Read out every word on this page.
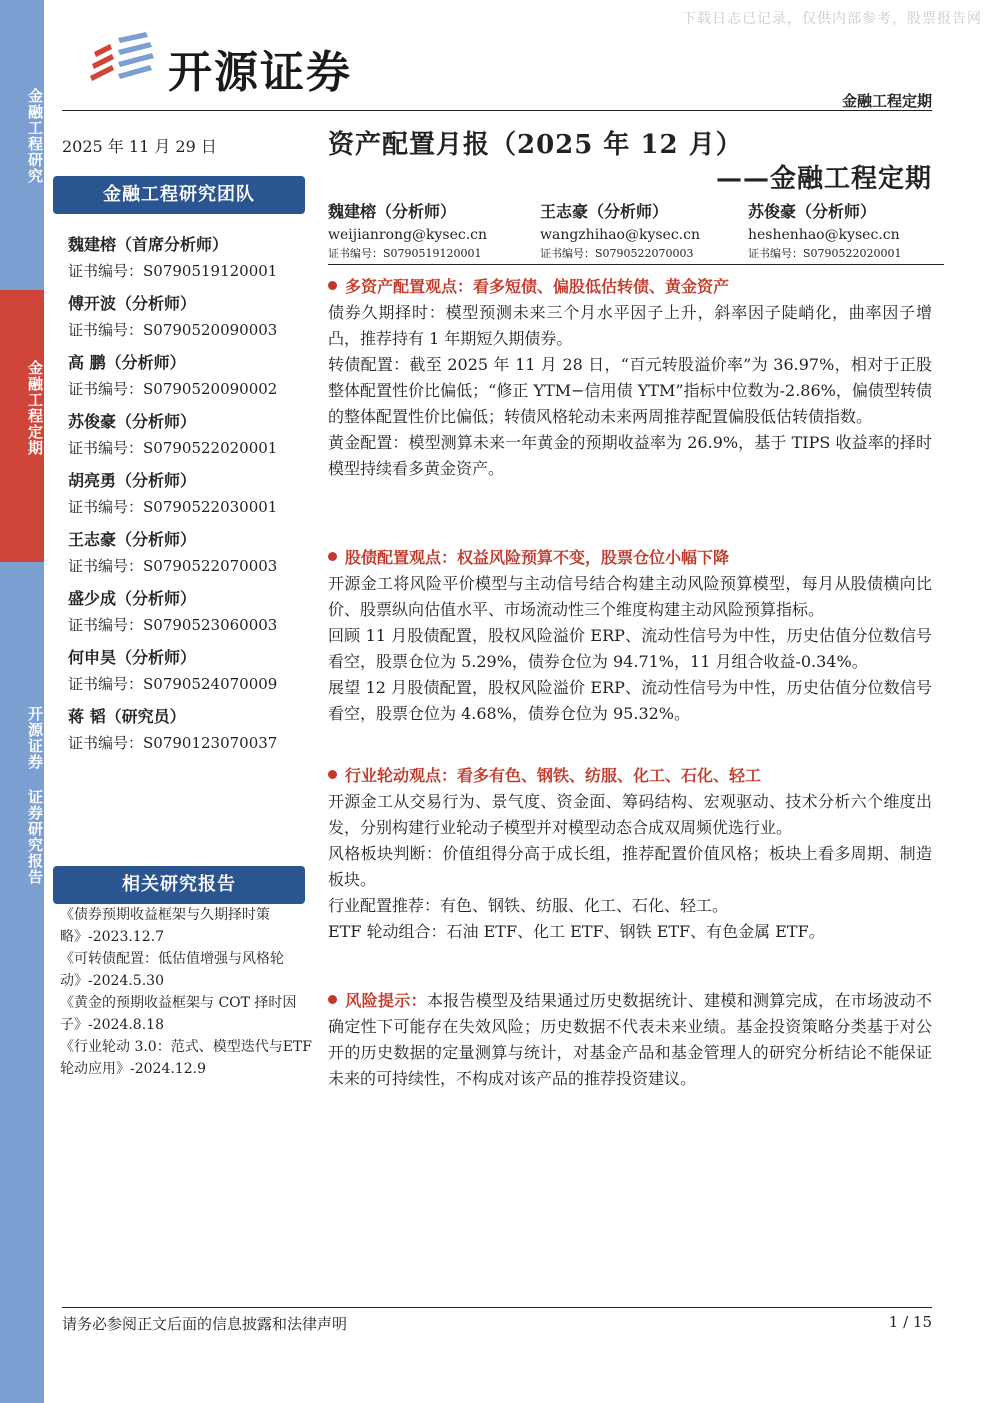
下载日志已记录，仅供内部参考，股票报告网
金融工程研究
金融工程定期
开源证券 证券研究报告
开源证券
金融工程定期
2025 年 11 月 29 日	资产配置月报（2025 年 12 月）
——金融工程定期
金融工程研究团队
魏建榕（首席分析师）
证书编号：S0790519120001
傅开波（分析师）
证书编号：S0790520090003
高 鹏（分析师）
证书编号：S0790520090002
苏俊豪（分析师）
证书编号：S0790522020001
胡亮勇（分析师）
证书编号：S0790522030001
王志豪（分析师）
证书编号：S0790522070003
盛少成（分析师）
证书编号：S0790523060003
何申昊（分析师）
证书编号：S0790524070009
蒋 韬（研究员）
证书编号：S0790123070037
相关研究报告
《债券预期收益框架与久期择时策略》-2023.12.7
《可转债配置：低估值增强与风格轮动》-2024.5.30
《黄金的预期收益框架与 COT 择时因子》-2024.8.18
《行业轮动 3.0：范式、模型迭代与ETF轮动应用》-2024.12.9
魏建榕（分析师）
weijianrong@kysec.cn
证书编号：S0790519120001
王志豪（分析师）
wangzhihao@kysec.cn
证书编号：S0790522070003
苏俊豪（分析师）
heshenhao@kysec.cn
证书编号：S0790522020001
多资产配置观点：看多短债、偏股低估转债、黄金资产

债券久期择时：模型预测未来三个月水平因子上升，斜率因子陡峭化，曲率因子增凸，推荐持有 1 年期短久期债券。

转债配置：截至 2025 年 11 月 28 日，“百元转股溢价率”为 36.97%，相对于正股整体配置性价比偏低；“修正 YTM−信用债 YTM”指标中位数为-2.86%，偏债型转债的整体配置性价比偏低；转债风格轮动未来两周推荐配置偏股低估转债指数。

黄金配置：模型测算未来一年黄金的预期收益率为 26.9%，基于 TIPS 收益率的择时模型持续看多黄金资产。

股债配置观点：权益风险预算不变，股票仓位小幅下降

开源金工将风险平价模型与主动信号结合构建主动风险预算模型，每月从股债横向比价、股票纵向估值水平、市场流动性三个维度构建主动风险预算指标。

回顾 11 月股债配置，股权风险溢价 ERP、流动性信号为中性，历史估值分位数信号看空，股票仓位为 5.29%，债券仓位为 94.71%，11 月组合收益-0.34%。

展望 12 月股债配置，股权风险溢价 ERP、流动性信号为中性，历史估值分位数信号看空，股票仓位为 4.68%，债券仓位为 95.32%。

行业轮动观点：看多有色、钢铁、纺服、化工、石化、轻工

开源金工从交易行为、景气度、资金面、筹码结构、宏观驱动、技术分析六个维度出发，分别构建行业轮动子模型并对模型动态合成双周频优选行业。

风格板块判断：价值组得分高于成长组，推荐配置价值风格；板块上看多周期、制造板块。

行业配置推荐：有色、钢铁、纺服、化工、石化、轻工。

ETF 轮动组合：石油 ETF、化工 ETF、钢铁 ETF、有色金属 ETF。

风险提示：本报告模型及结果通过历史数据统计、建模和测算完成，在市场波动不确定性下可能存在失效风险；历史数据不代表未来业绩。基金投资策略分类基于对公开的历史数据的定量测算与统计，对基金产品和基金管理人的研究分析结论不能保证未来的可持续性，不构成对该产品的推荐投资建议。

请务必参阅正文后面的信息披露和法律声明	1 / 15
